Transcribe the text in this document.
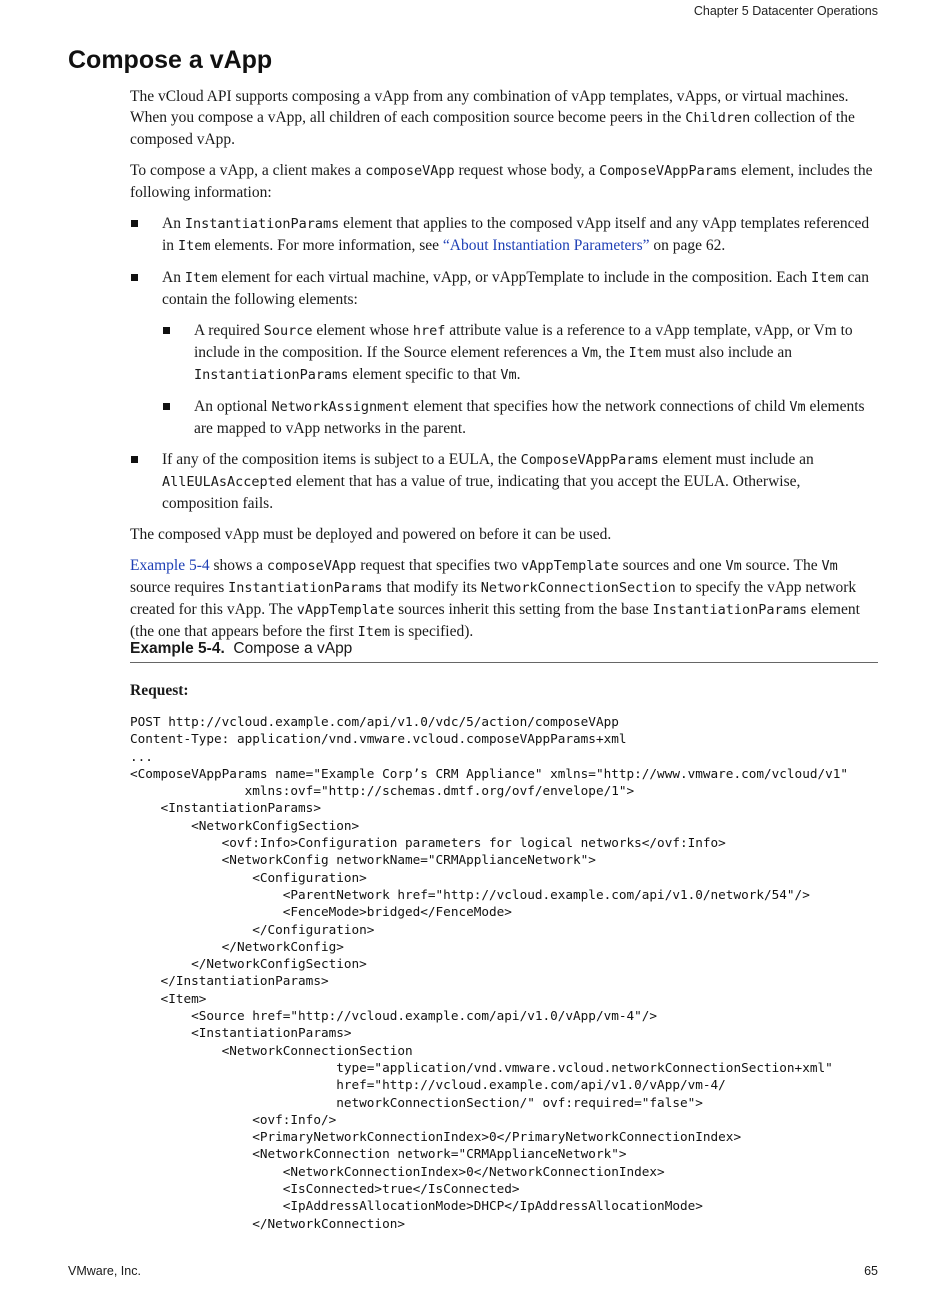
Chapter 5 Datacenter Operations
Compose a vApp

The vCloud API supports composing a vApp from any combination of vApp templates, vApps, or virtual machines. When you compose a vApp, all children of each composition source become peers in the Children collection of the composed vApp.

To compose a vApp, a client makes a composeVApp request whose body, a ComposeVAppParams element, includes the following information:

An InstantiationParams element that applies to the composed vApp itself and any vApp templates referenced in Item elements. For more information, see “About Instantiation Parameters” on page 62.
An Item element for each virtual machine, vApp, or vAppTemplate to include in the composition. Each Item can contain the following elements:
A required Source element whose href attribute value is a reference to a vApp template, vApp, or Vm to include in the composition. If the Source element references a Vm, the Item must also include an InstantiationParams element specific to that Vm.
An optional NetworkAssignment element that specifies how the network connections of child Vm elements are mapped to vApp networks in the parent.
If any of the composition items is subject to a EULA, the ComposeVAppParams element must include an AllEULAsAccepted element that has a value of true, indicating that you accept the EULA. Otherwise, composition fails.

The composed vApp must be deployed and powered on before it can be used.

Example 5-4 shows a composeVApp request that specifies two vAppTemplate sources and one Vm source. The Vm source requires InstantiationParams that modify its NetworkConnectionSection to specify the vApp network created for this vApp. The vAppTemplate sources inherit this setting from the base InstantiationParams element (the one that appears before the first Item is specified).

Example 5-4. Compose a vApp
Request:
POST http://vcloud.example.com/api/v1.0/vdc/5/action/composeVApp
Content-Type: application/vnd.vmware.vcloud.composeVAppParams+xml
...
<ComposeVAppParams name="Example Corp’s CRM Appliance" xmlns="http://www.vmware.com/vcloud/v1"
xmlns:ovf="http://schemas.dmtf.org/ovf/envelope/1">
<InstantiationParams>
<NetworkConfigSection>
<ovf:Info>Configuration parameters for logical networks</ovf:Info>
<NetworkConfig networkName="CRMApplianceNetwork">
<Configuration>
<ParentNetwork href="http://vcloud.example.com/api/v1.0/network/54"/>
<FenceMode>bridged</FenceMode>
</Configuration>
</NetworkConfig>
</NetworkConfigSection>
</InstantiationParams>
<Item>
<Source href="http://vcloud.example.com/api/v1.0/vApp/vm-4"/>
<InstantiationParams>
<NetworkConnectionSection
type="application/vnd.vmware.vcloud.networkConnectionSection+xml"
href="http://vcloud.example.com/api/v1.0/vApp/vm-4/
networkConnectionSection/" ovf:required="false">
<ovf:Info/>
<PrimaryNetworkConnectionIndex>0</PrimaryNetworkConnectionIndex>
<NetworkConnection network="CRMApplianceNetwork">
<NetworkConnectionIndex>0</NetworkConnectionIndex>
<IsConnected>true</IsConnected>
<IpAddressAllocationMode>DHCP</IpAddressAllocationMode>
</NetworkConnection>
VMware, Inc.	65
